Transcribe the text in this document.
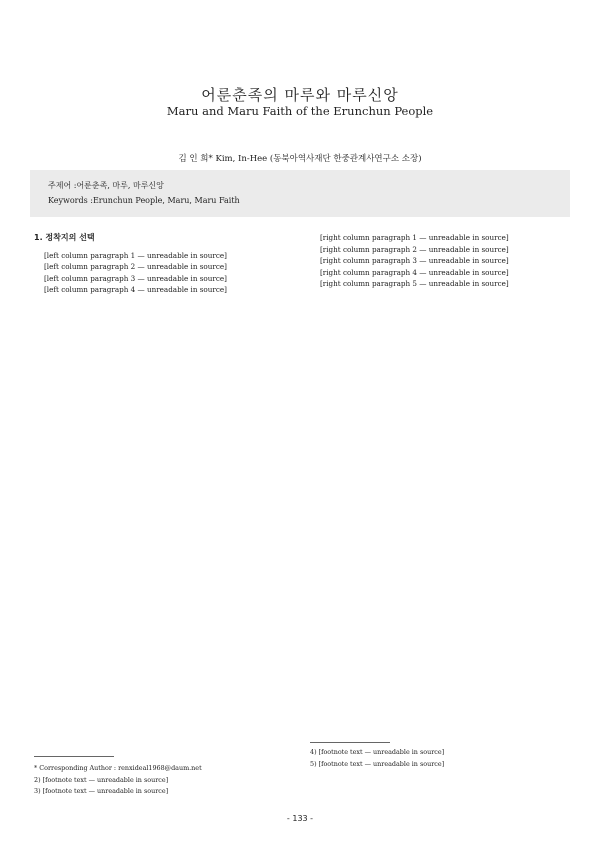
어룬춘족의 마루와 마루신앙
Maru and Maru Faith of the Erunchun People
김 인 희* Kim, In-Hee (동북아역사재단 한중관계사연구소 소장)
주제어 :어룬춘족, 마루, 마루신앙
Keywords :Erunchun People, Maru, Maru Faith
1. 정착지의 선택

[left column paragraph 1 — unreadable in source]

[left column paragraph 2 — unreadable in source]

[left column paragraph 3 — unreadable in source]

[left column paragraph 4 — unreadable in source]

[right column paragraph 1 — unreadable in source]

[right column paragraph 2 — unreadable in source]

[right column paragraph 3 — unreadable in source]

[right column paragraph 4 — unreadable in source]

[right column paragraph 5 — unreadable in source]

* Corresponding Author : renxideal1968@daum.net
2) [footnote text — unreadable in source]
3) [footnote text — unreadable in source]
4) [footnote text — unreadable in source]
5) [footnote text — unreadable in source]
- 133 -
